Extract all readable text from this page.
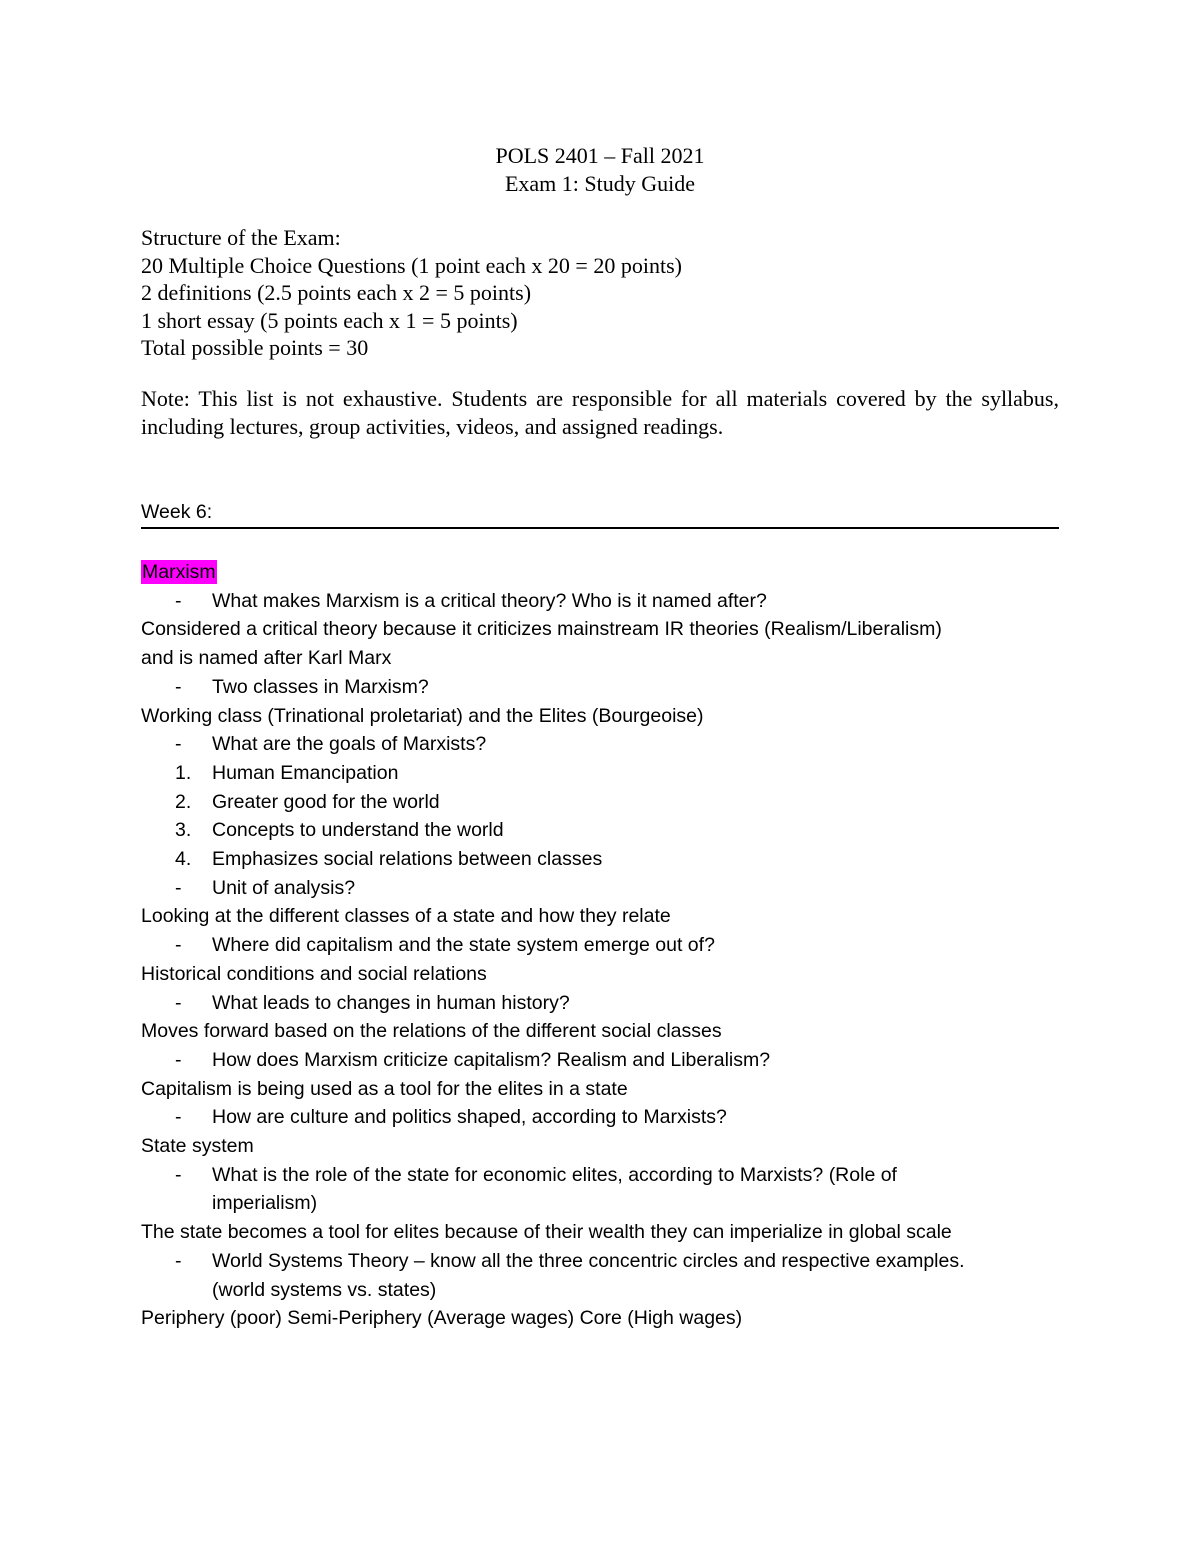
POLS 2401 – Fall 2021
Exam 1: Study Guide
Structure of the Exam:
20 Multiple Choice Questions (1 point each x 20 = 20 points)
2 definitions (2.5 points each x 2 = 5 points)
1 short essay (5 points each x 1 = 5 points)
Total possible points = 30
Note: This list is not exhaustive. Students are responsible for all materials covered by the syllabus, including lectures, group activities, videos, and assigned readings.
Week 6:
Marxism
- What makes Marxism is a critical theory? Who is it named after?
Considered a critical theory because it criticizes mainstream IR theories (Realism/Liberalism)
and is named after Karl Marx
- Two classes in Marxism?
Working class (Trinational proletariat) and the Elites (Bourgeoise)
- What are the goals of Marxists?
1. Human Emancipation
2. Greater good for the world
3. Concepts to understand the world
4. Emphasizes social relations between classes
- Unit of analysis?
Looking at the different classes of a state and how they relate
- Where did capitalism and the state system emerge out of?
Historical conditions and social relations
- What leads to changes in human history?
Moves forward based on the relations of the different social classes
- How does Marxism criticize capitalism? Realism and Liberalism?
Capitalism is being used as a tool for the elites in a state
- How are culture and politics shaped, according to Marxists?
State system
- What is the role of the state for economic elites, according to Marxists? (Role of
imperialism)
The state becomes a tool for elites because of their wealth they can imperialize in global scale
- World Systems Theory – know all the three concentric circles and respective examples.
(world systems vs. states)
Periphery (poor) Semi-Periphery (Average wages) Core (High wages)
